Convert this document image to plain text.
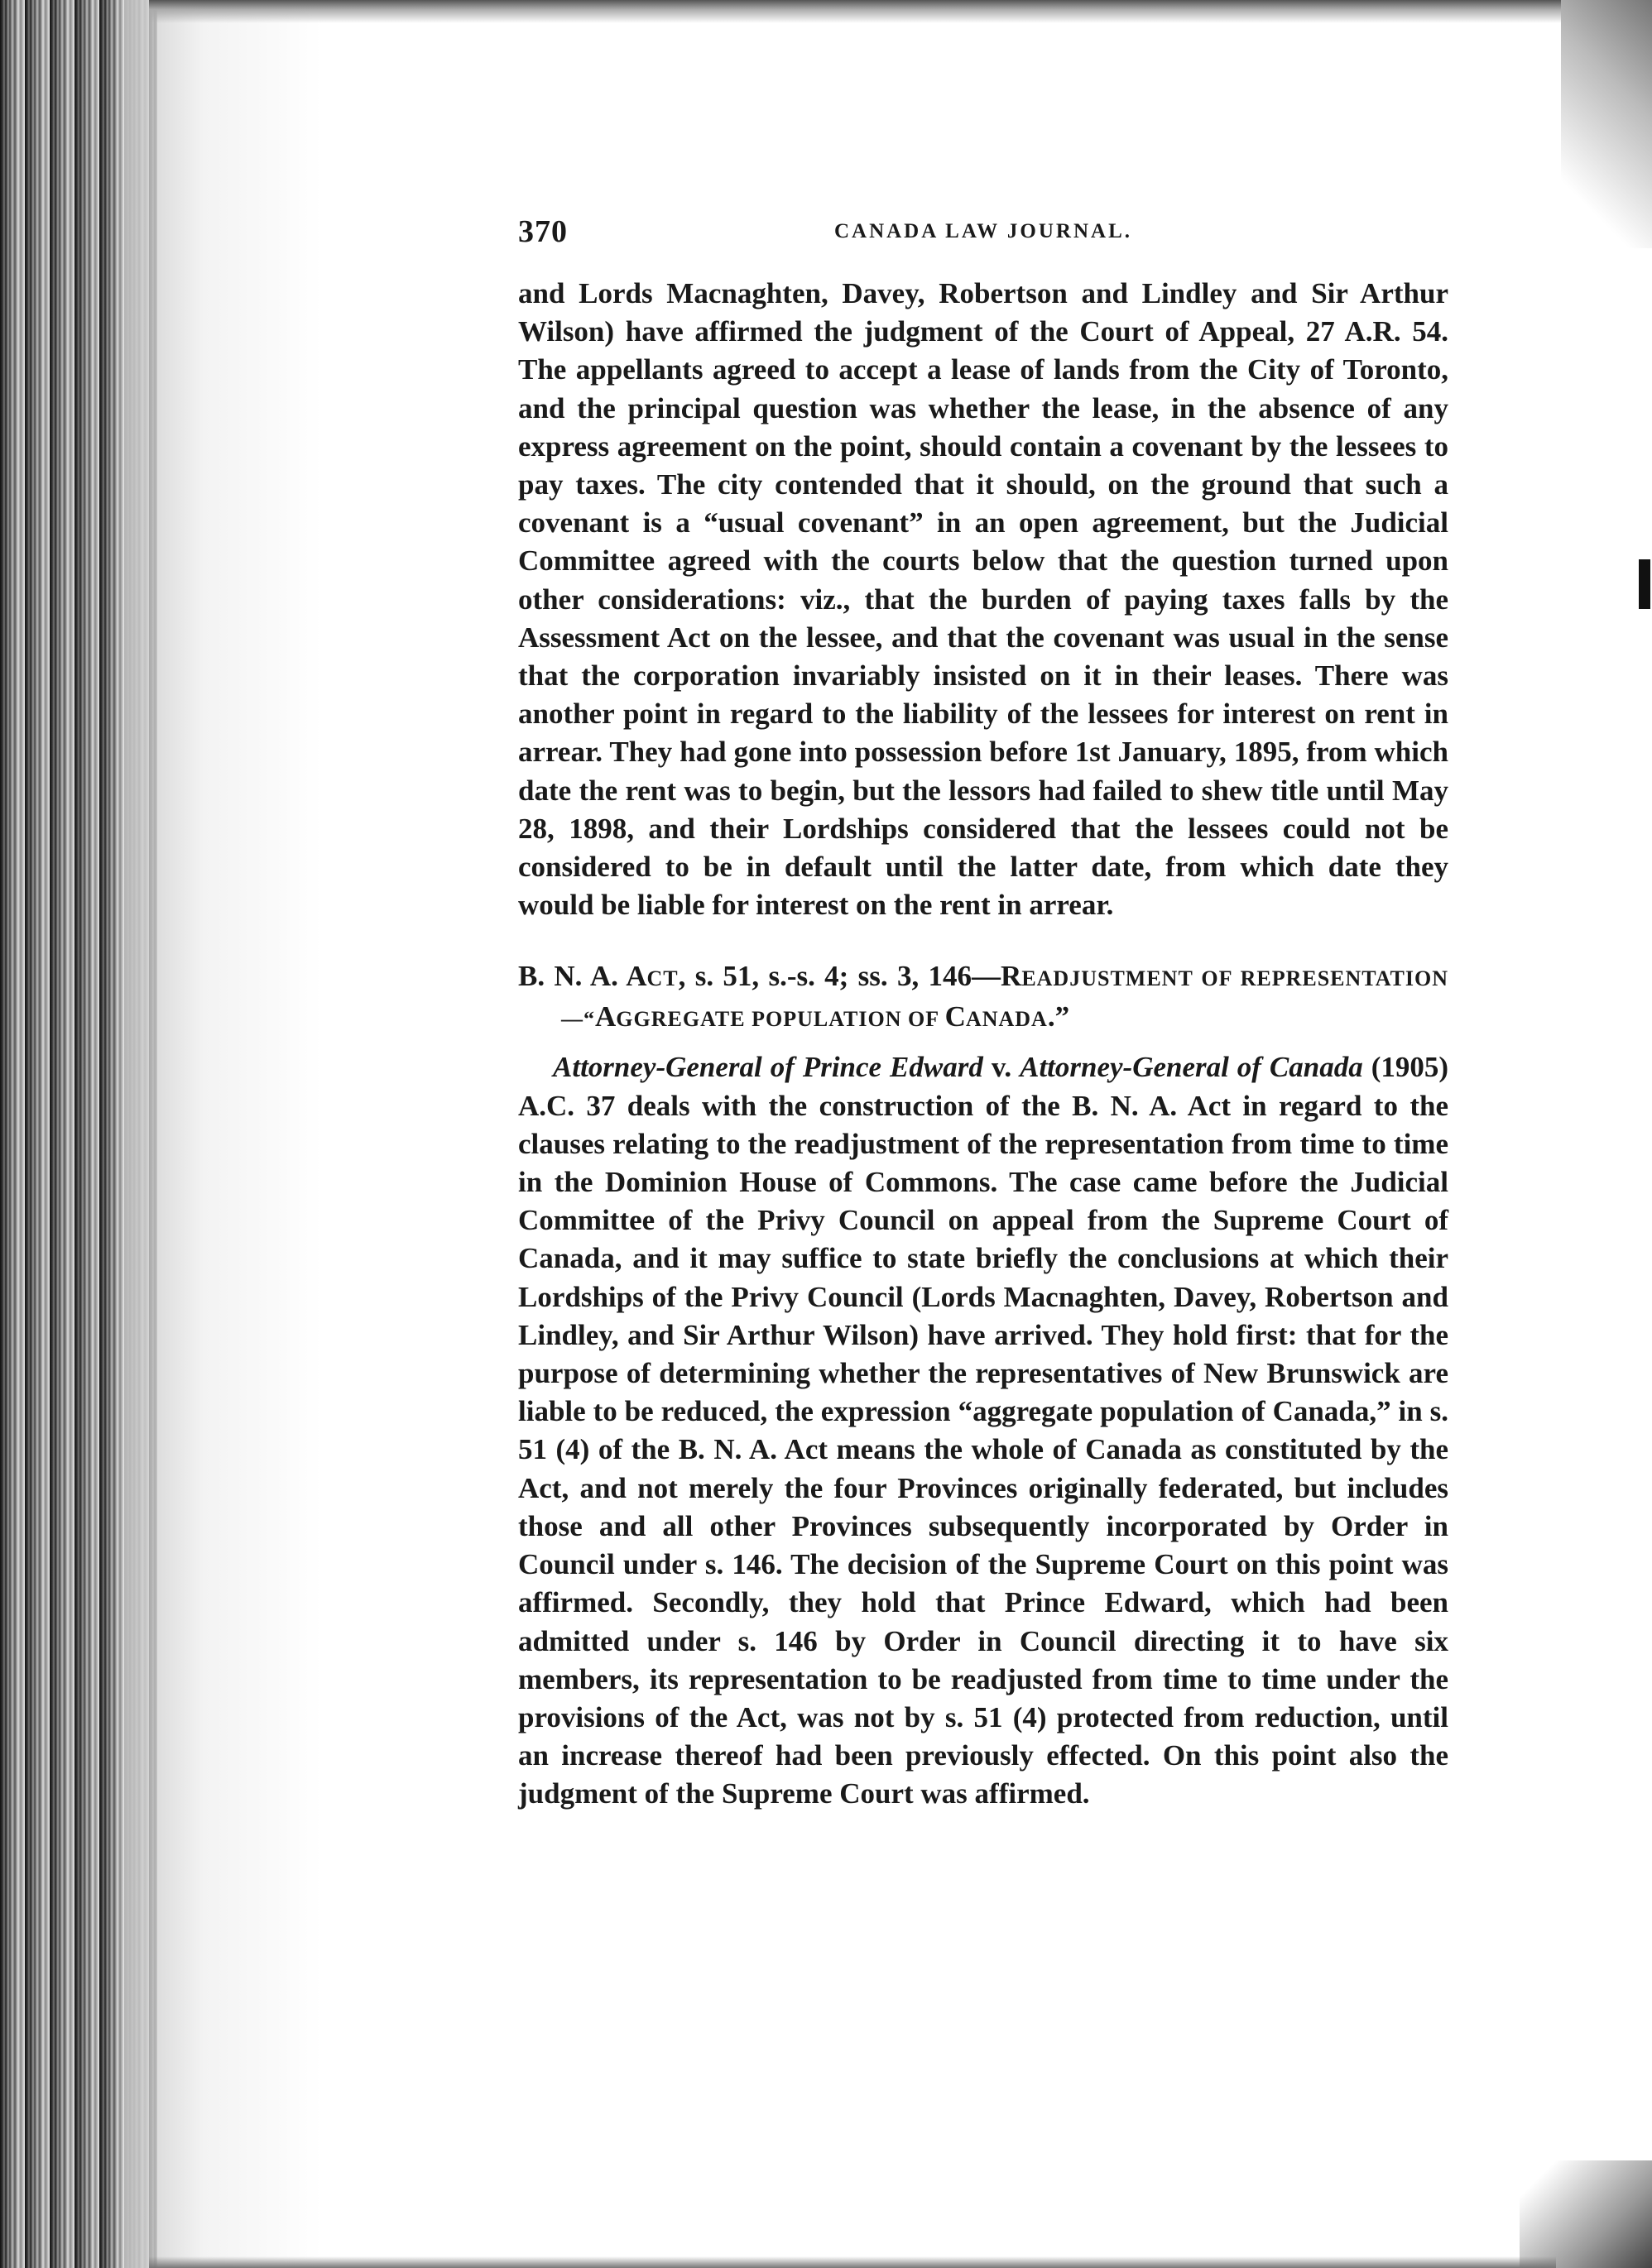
370	CANADA LAW JOURNAL.

and Lords Macnaghten, Davey, Robertson and Lindley and Sir Arthur Wilson) have affirmed the judgment of the Court of Appeal, 27 A.R. 54. The appellants agreed to accept a lease of lands from the City of Toronto, and the principal question was whether the lease, in the absence of any express agreement on the point, should contain a covenant by the lessees to pay taxes. The city contended that it should, on the ground that such a covenant is a “usual covenant” in an open agreement, but the Judicial Committee agreed with the courts below that the question turned upon other considerations: viz., that the burden of paying taxes falls by the Assessment Act on the lessee, and that the covenant was usual in the sense that the corporation invariably insisted on it in their leases. There was another point in regard to the liability of the lessees for interest on rent in arrear. They had gone into possession before 1st January, 1895, from which date the rent was to begin, but the lessors had failed to shew title until May 28, 1898, and their Lordships considered that the lessees could not be considered to be in default until the latter date, from which date they would be liable for interest on the rent in arrear.

B. N. A. ACT, s. 51, s.-s. 4; ss. 3, 146—READJUSTMENT OF REPRESENTATION—“AGGREGATE POPULATION OF CANADA.”

Attorney-General of Prince Edward v. Attorney-General of Canada (1905) A.C. 37 deals with the construction of the B. N. A. Act in regard to the clauses relating to the readjustment of the representation from time to time in the Dominion House of Commons. The case came before the Judicial Committee of the Privy Council on appeal from the Supreme Court of Canada, and it may suffice to state briefly the conclusions at which their Lordships of the Privy Council (Lords Macnaghten, Davey, Robertson and Lindley, and Sir Arthur Wilson) have arrived. They hold first: that for the purpose of determining whether the representatives of New Brunswick are liable to be reduced, the expression “aggregate population of Canada,” in s. 51 (4) of the B. N. A. Act means the whole of Canada as constituted by the Act, and not merely the four Provinces originally federated, but includes those and all other Provinces subsequently incorporated by Order in Council under s. 146. The decision of the Supreme Court on this point was affirmed. Secondly, they hold that Prince Edward, which had been admitted under s. 146 by Order in Council directing it to have six members, its representation to be readjusted from time to time under the provisions of the Act, was not by s. 51 (4) protected from reduction, until an increase thereof had been previously effected. On this point also the judgment of the Supreme Court was affirmed.
